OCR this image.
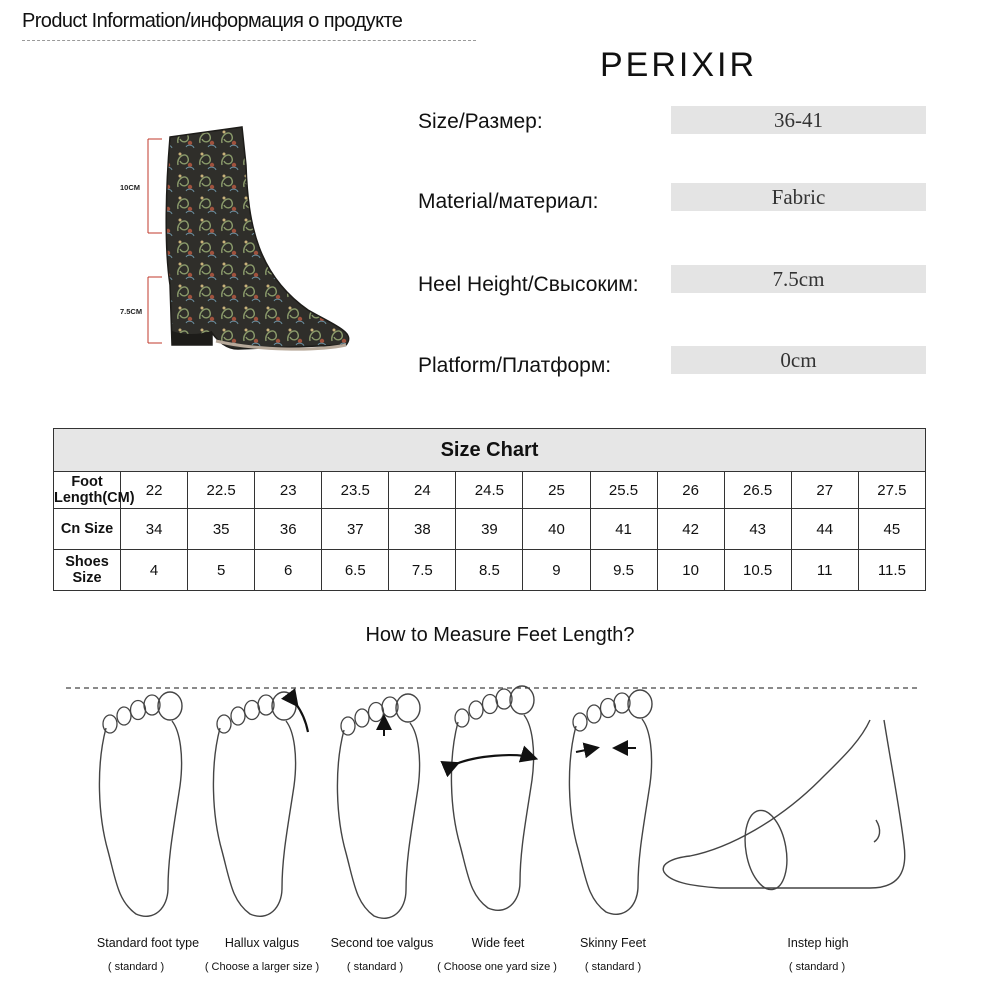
Product Information/информация о продукте
PERIXIR
10CM
7.5CM
Size/Размер:	36-41
Material/материал:	Fabric
Heel Height/Свысоким:	7.5cm
Platform/Платформ:	0cm
Size Chart												
Foot Length(CM)	22	22.5	23	23.5	24	24.5	25	25.5	26	26.5	27	27.5
Cn Size	34	35	36	37	38	39	40	41	42	43	44	45
Shoes Size	4	5	6	6.5	7.5	8.5	9	9.5	10	10.5	11	11.5
How to Measure Feet Length?
Standard foot type
( standard )
Hallux valgus
( Choose a larger size )
Second toe valgus
( standard )
Wide feet
( Choose one yard size )
Skinny Feet
( standard )
Instep high
( standard )
